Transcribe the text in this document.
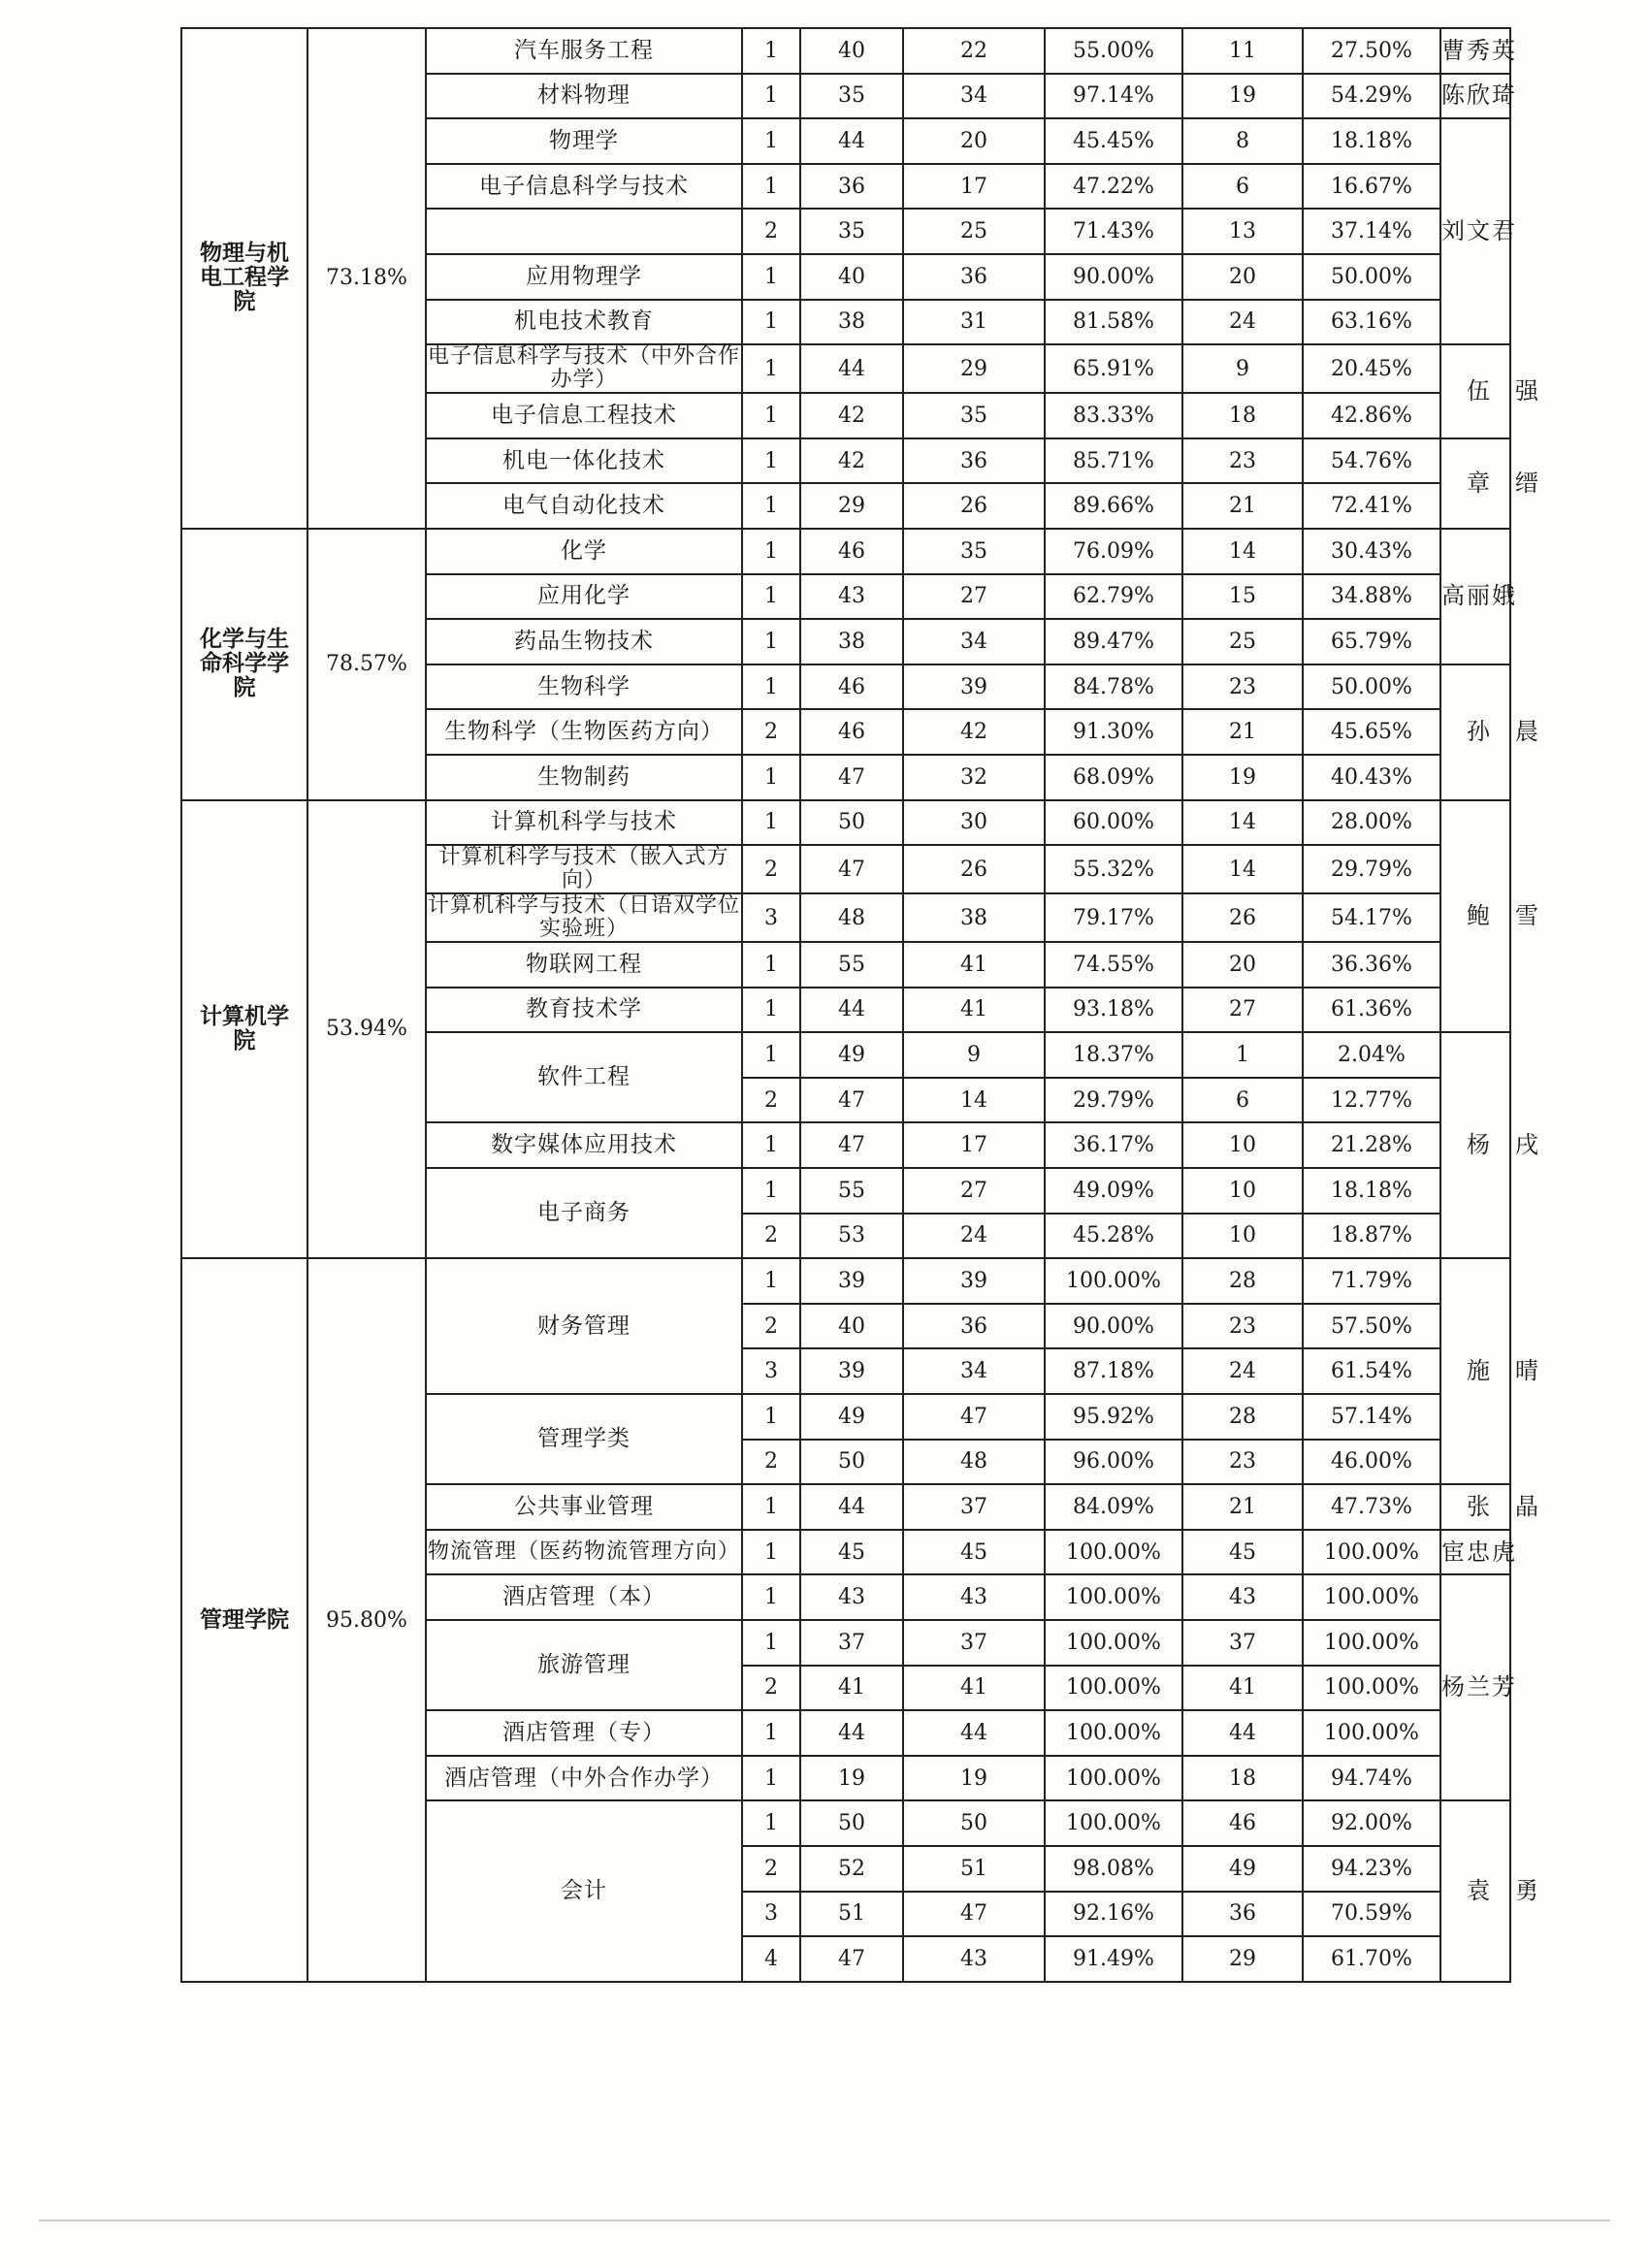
物理与机电工程学院	73.18%	汽车服务工程	1	40	22	55.00%	11	27.50%	曹秀英
		材料物理	1	35	34	97.14%	19	54.29%	陈欣琦
		物理学	1	44	20	45.45%	8	18.18%	刘文君
		电子信息科学与技术	1	36	17	47.22%	6	16.67%	
			2	35	25	71.43%	13	37.14%	
		应用物理学	1	40	36	90.00%	20	50.00%	
		机电技术教育	1	38	31	81.58%	24	63.16%	
		电子信息科学与技术（中外合作办学）	1	44	29	65.91%	9	20.45%	伍强
		电子信息工程技术	1	42	35	83.33%	18	42.86%	
		机电一体化技术	1	42	36	85.71%	23	54.76%	章缙
		电气自动化技术	1	29	26	89.66%	21	72.41%	
化学与生命科学学院	78.57%	化学	1	46	35	76.09%	14	30.43%	高丽娥
		应用化学	1	43	27	62.79%	15	34.88%	
		药品生物技术	1	38	34	89.47%	25	65.79%	
		生物科学	1	46	39	84.78%	23	50.00%	孙晨
		生物科学（生物医药方向）	2	46	42	91.30%	21	45.65%	
		生物制药	1	47	32	68.09%	19	40.43%	
计算机学院	53.94%	计算机科学与技术	1	50	30	60.00%	14	28.00%	鲍雪
		计算机科学与技术（嵌入式方向）	2	47	26	55.32%	14	29.79%	
		计算机科学与技术（日语双学位实验班）	3	48	38	79.17%	26	54.17%	
		物联网工程	1	55	41	74.55%	20	36.36%	
		教育技术学	1	44	41	93.18%	27	61.36%	
		软件工程	1	49	9	18.37%	1	2.04%	杨戌
			2	47	14	29.79%	6	12.77%	
		数字媒体应用技术	1	47	17	36.17%	10	21.28%	
		电子商务	1	55	27	49.09%	10	18.18%	
			2	53	24	45.28%	10	18.87%	
管理学院	95.80%	财务管理	1	39	39	100.00%	28	71.79%	施晴
			2	40	36	90.00%	23	57.50%	
			3	39	34	87.18%	24	61.54%	
		管理学类	1	49	47	95.92%	28	57.14%	
			2	50	48	96.00%	23	46.00%	
		公共事业管理	1	44	37	84.09%	21	47.73%	张晶
		物流管理（医药物流管理方向）	1	45	45	100.00%	45	100.00%	宦忠虎
		酒店管理（本）	1	43	43	100.00%	43	100.00%	杨兰芳
		旅游管理	1	37	37	100.00%	37	100.00%	
			2	41	41	100.00%	41	100.00%	
		酒店管理（专）	1	44	44	100.00%	44	100.00%	
		酒店管理（中外合作办学）	1	19	19	100.00%	18	94.74%	
		会计	1	50	50	100.00%	46	92.00%	袁勇
			2	52	51	98.08%	49	94.23%	
			3	51	47	92.16%	36	70.59%	
			4	47	43	91.49%	29	61.70%	
